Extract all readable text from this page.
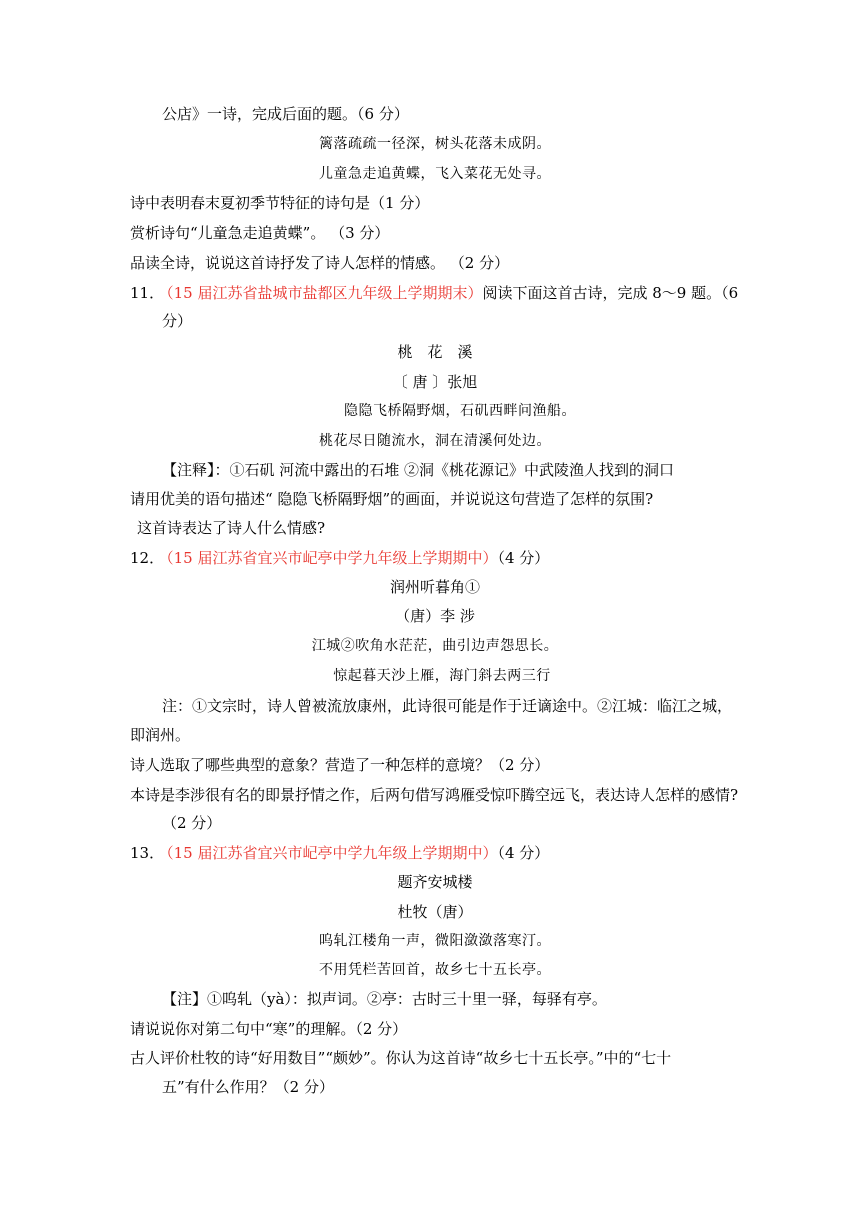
公店》一诗，完成后面的题。（6 分）
篱落疏疏一径深，树头花落未成阴。
儿童急走追黄蝶，飞入菜花无处寻。
诗中表明春末夏初季节特征的诗句是（1 分）
赏析诗句“儿童急走追黄蝶”。 （3 分）
品读全诗，说说这首诗抒发了诗人怎样的情感。 （2 分）
11． （15 届江苏省盐城市盐都区九年级上学期期末）阅读下面这首古诗，完成 8～9 题。（6
分）
桃　花　溪
〔 唐 〕张旭
隐隐飞桥隔野烟，石矶西畔问渔船。
桃花尽日随流水，洞在清溪何处边。
【注释】：①石矶 河流中露出的石堆 ②洞《桃花源记》中武陵渔人找到的洞口
请用优美的语句描述“ 隐隐飞桥隔野烟”的画面，并说说这句营造了怎样的氛围?
这首诗表达了诗人什么情感?
12． （15 届江苏省宜兴市屺亭中学九年级上学期期中）（4 分）
润州听暮角①
（唐）李 涉
江城②吹角水茫茫，曲引边声怨思长。
惊起暮天沙上雁，海门斜去两三行
注：①文宗时，诗人曾被流放康州，此诗很可能是作于迁谪途中。②江城：临江之城，
即润州。
诗人选取了哪些典型的意象？营造了一种怎样的意境？（2 分）
本诗是李涉很有名的即景抒情之作，后两句借写鸿雁受惊吓腾空远飞，表达诗人怎样的感情?
（2 分）
13． （15 届江苏省宜兴市屺亭中学九年级上学期期中）（4 分）
题齐安城楼
杜牧（唐）
呜轧江楼角一声，微阳潋潋落寒汀。
不用凭栏苦回首，故乡七十五长亭。
【注】①呜轧（yà）：拟声词。②亭：古时三十里一驿，每驿有亭。
请说说你对第二句中“寒”的理解。（2 分）
古人评价杜牧的诗“好用数目”“颇妙”。你认为这首诗“故乡七十五长亭。”中的“七十
五”有什么作用？（2 分）
